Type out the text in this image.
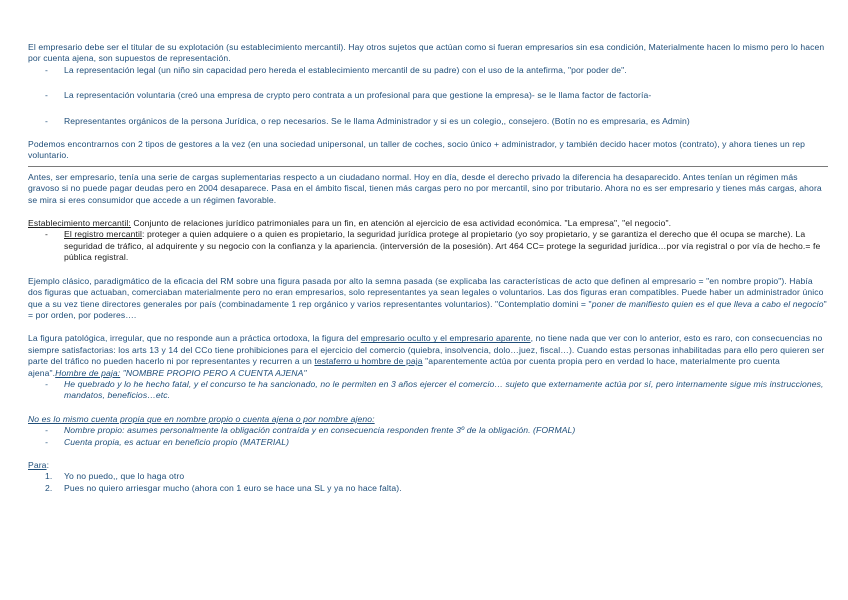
El empresario debe ser el titular de su explotación (su establecimiento mercantil). Hay otros sujetos que actúan como si fueran empresarios sin esa condición, Materialmente hacen lo mismo pero lo hacen por cuenta ajena, son supuestos de representación.

- La representación legal (un niño sin capacidad pero hereda el establecimiento mercantil de su padre) con el uso de la antefirma, "por poder de".
- La representación voluntaria (creó una empresa de crypto pero contrata a un profesional para que gestione la empresa)- se le llama factor de factoría-
- Representantes orgánicos de la persona Jurídica, o rep necesarios. Se le llama Administrador y si es un colegio,, consejero. (Botín no es empresaria, es Admin)

Podemos encontrarnos con 2 tipos de gestores a la vez (en una sociedad unipersonal, un taller de coches, socio único + administrador, y también decido hacer motos (contrato), y ahora tienes un rep voluntario.

Antes, ser empresario, tenía una serie de cargas suplementarias respecto a un ciudadano normal. Hoy en día, desde el derecho privado la diferencia ha desaparecido. Antes tenían un régimen más gravoso si no puede pagar deudas pero en 2004 desaparece. Pasa en el ámbito fiscal, tienen más cargas pero no por mercantil, sino por tributario. Ahora no es ser empresario y tienes más cargas, ahora se mira si eres consumidor que accede a un régimen favorable.

Establecimiento mercantil: Conjunto de relaciones jurídico patrimoniales para un fin, en atención al ejercicio de esa actividad económica. "La empresa", "el negocio".

- El registro mercantil: proteger a quien adquiere o a quien es propietario, la seguridad jurídica protege al propietario (yo soy propietario, y se garantiza el derecho que él ocupa se marche). La seguridad de tráfico, al adquirente y su negocio con la confianza y la apariencia. (interversión de la posesión). Art 464 CC= protege la seguridad jurídica…por vía registral o por vía de hecho.= fe pública registral.

Ejemplo clásico, paradigmático de la eficacia del RM sobre una figura pasada por alto la semna pasada (se explicaba las características de acto que definen al empresario = "en nombre propio"). Había dos figuras que actuaban, comerciaban materialmente pero no eran empresarios, solo representantes ya sean legales o voluntarios. Las dos figuras eran compatibles. Puede haber un administrador único que a su vez tiene directores generales por país (combinadamente 1 rep orgánico y varios representantes voluntarios). "Contemplatio domini = "poner de manifiesto quien es el que lleva a cabo el negocio" = por orden, por poderes….

La figura patológica, irregular, que no responde aun a práctica ortodoxa, la figura del empresario oculto y el empresario aparente, no tiene nada que ver con lo anterior, esto es raro, con consecuencias no siempre satisfactorias: los arts 13 y 14 del CCo tiene prohibiciones para el ejercicio del comercio (quiebra, insolvencia, dolo…juez, fiscal…). Cuando estas personas inhabilitadas para ello pero quieren ser parte del tráfico no pueden hacerlo ni por representantes y recurren a un testaferro u hombre de paja "aparentemente actúa por cuenta propia pero en verdad lo hace, materialmente pro cuenta ajena".Hombre de paja: "NOMBRE PROPIO PERO A CUENTA AJENA"

- He quebrado y lo he hecho fatal, y el concurso te ha sancionado, no le permiten en 3 años ejercer el comercio… sujeto que externamente actúa por sí, pero internamente sigue mis instrucciones, mandatos, beneficios…etc.

No es lo mismo cuenta propia que en nombre propio o cuenta ajena o por nombre ajeno:

- Nombre propio: asumes personalmente la obligación contraída y en consecuencia responden frente 3º de la obligación. (FORMAL)
- Cuenta propia, es actuar en beneficio propio (MATERIAL)

Para:

1. Yo no puedo,, que lo haga otro
2. Pues no quiero arriesgar mucho (ahora con 1 euro se hace una SL y ya no hace falta).
